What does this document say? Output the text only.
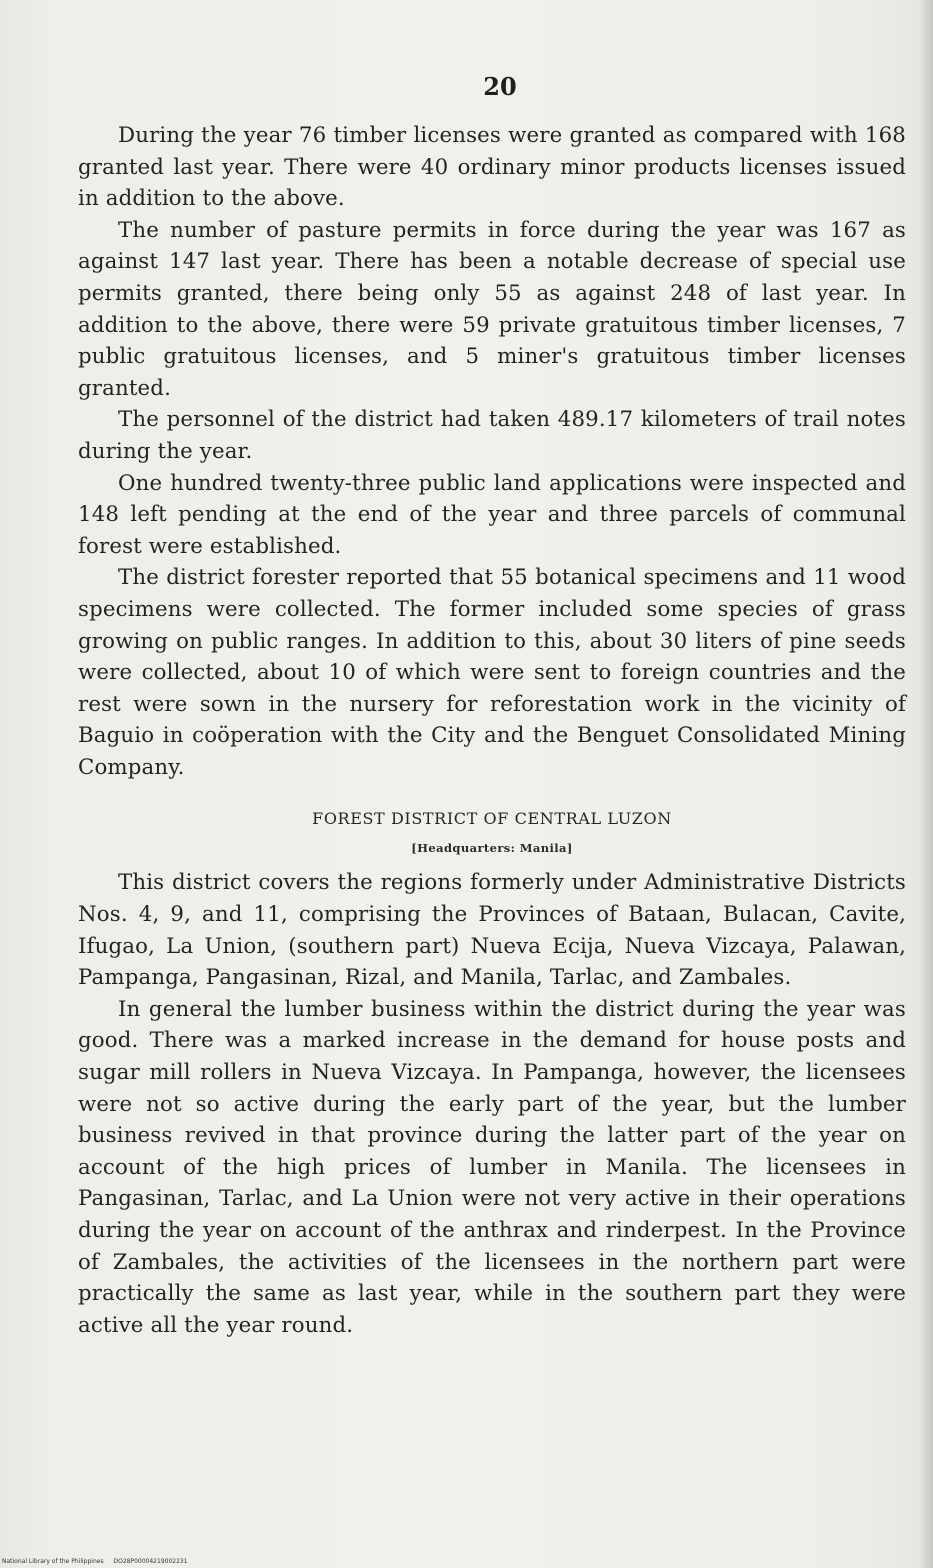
20

During the year 76 timber licenses were granted as compared with 168 granted last year. There were 40 ordinary minor products licenses issued in addition to the above.

The number of pasture permits in force during the year was 167 as against 147 last year. There has been a notable decrease of special use permits granted, there being only 55 as against 248 of last year. In addition to the above, there were 59 private gratuitous timber licenses, 7 public gratuitous licenses, and 5 miner's gratuitous timber licenses granted.

The personnel of the district had taken 489.17 kilometers of trail notes during the year.

One hundred twenty-three public land applications were inspected and 148 left pending at the end of the year and three parcels of communal forest were established.

The district forester reported that 55 botanical specimens and 11 wood specimens were collected. The former included some species of grass growing on public ranges. In addition to this, about 30 liters of pine seeds were collected, about 10 of which were sent to foreign countries and the rest were sown in the nursery for reforestation work in the vicinity of Baguio in coöperation with the City and the Benguet Consolidated Mining Company.

FOREST DISTRICT OF CENTRAL LUZON
[Headquarters: Manila]

This district covers the regions formerly under Administrative Districts Nos. 4, 9, and 11, comprising the Provinces of Bataan, Bulacan, Cavite, Ifugao, La Union, (southern part) Nueva Ecija, Nueva Vizcaya, Palawan, Pampanga, Pangasinan, Rizal, and Manila, Tarlac, and Zambales.

In general the lumber business within the district during the year was good. There was a marked increase in the demand for house posts and sugar mill rollers in Nueva Vizcaya. In Pampanga, however, the licensees were not so active during the early part of the year, but the lumber business revived in that province during the latter part of the year on account of the high prices of lumber in Manila. The licensees in Pangasinan, Tarlac, and La Union were not very active in their operations during the year on account of the anthrax and rinderpest. In the Province of Zambales, the activities of the licensees in the northern part were practically the same as last year, while in the southern part they were active all the year round.

National Library of the Philippines DO28P00004219002231
